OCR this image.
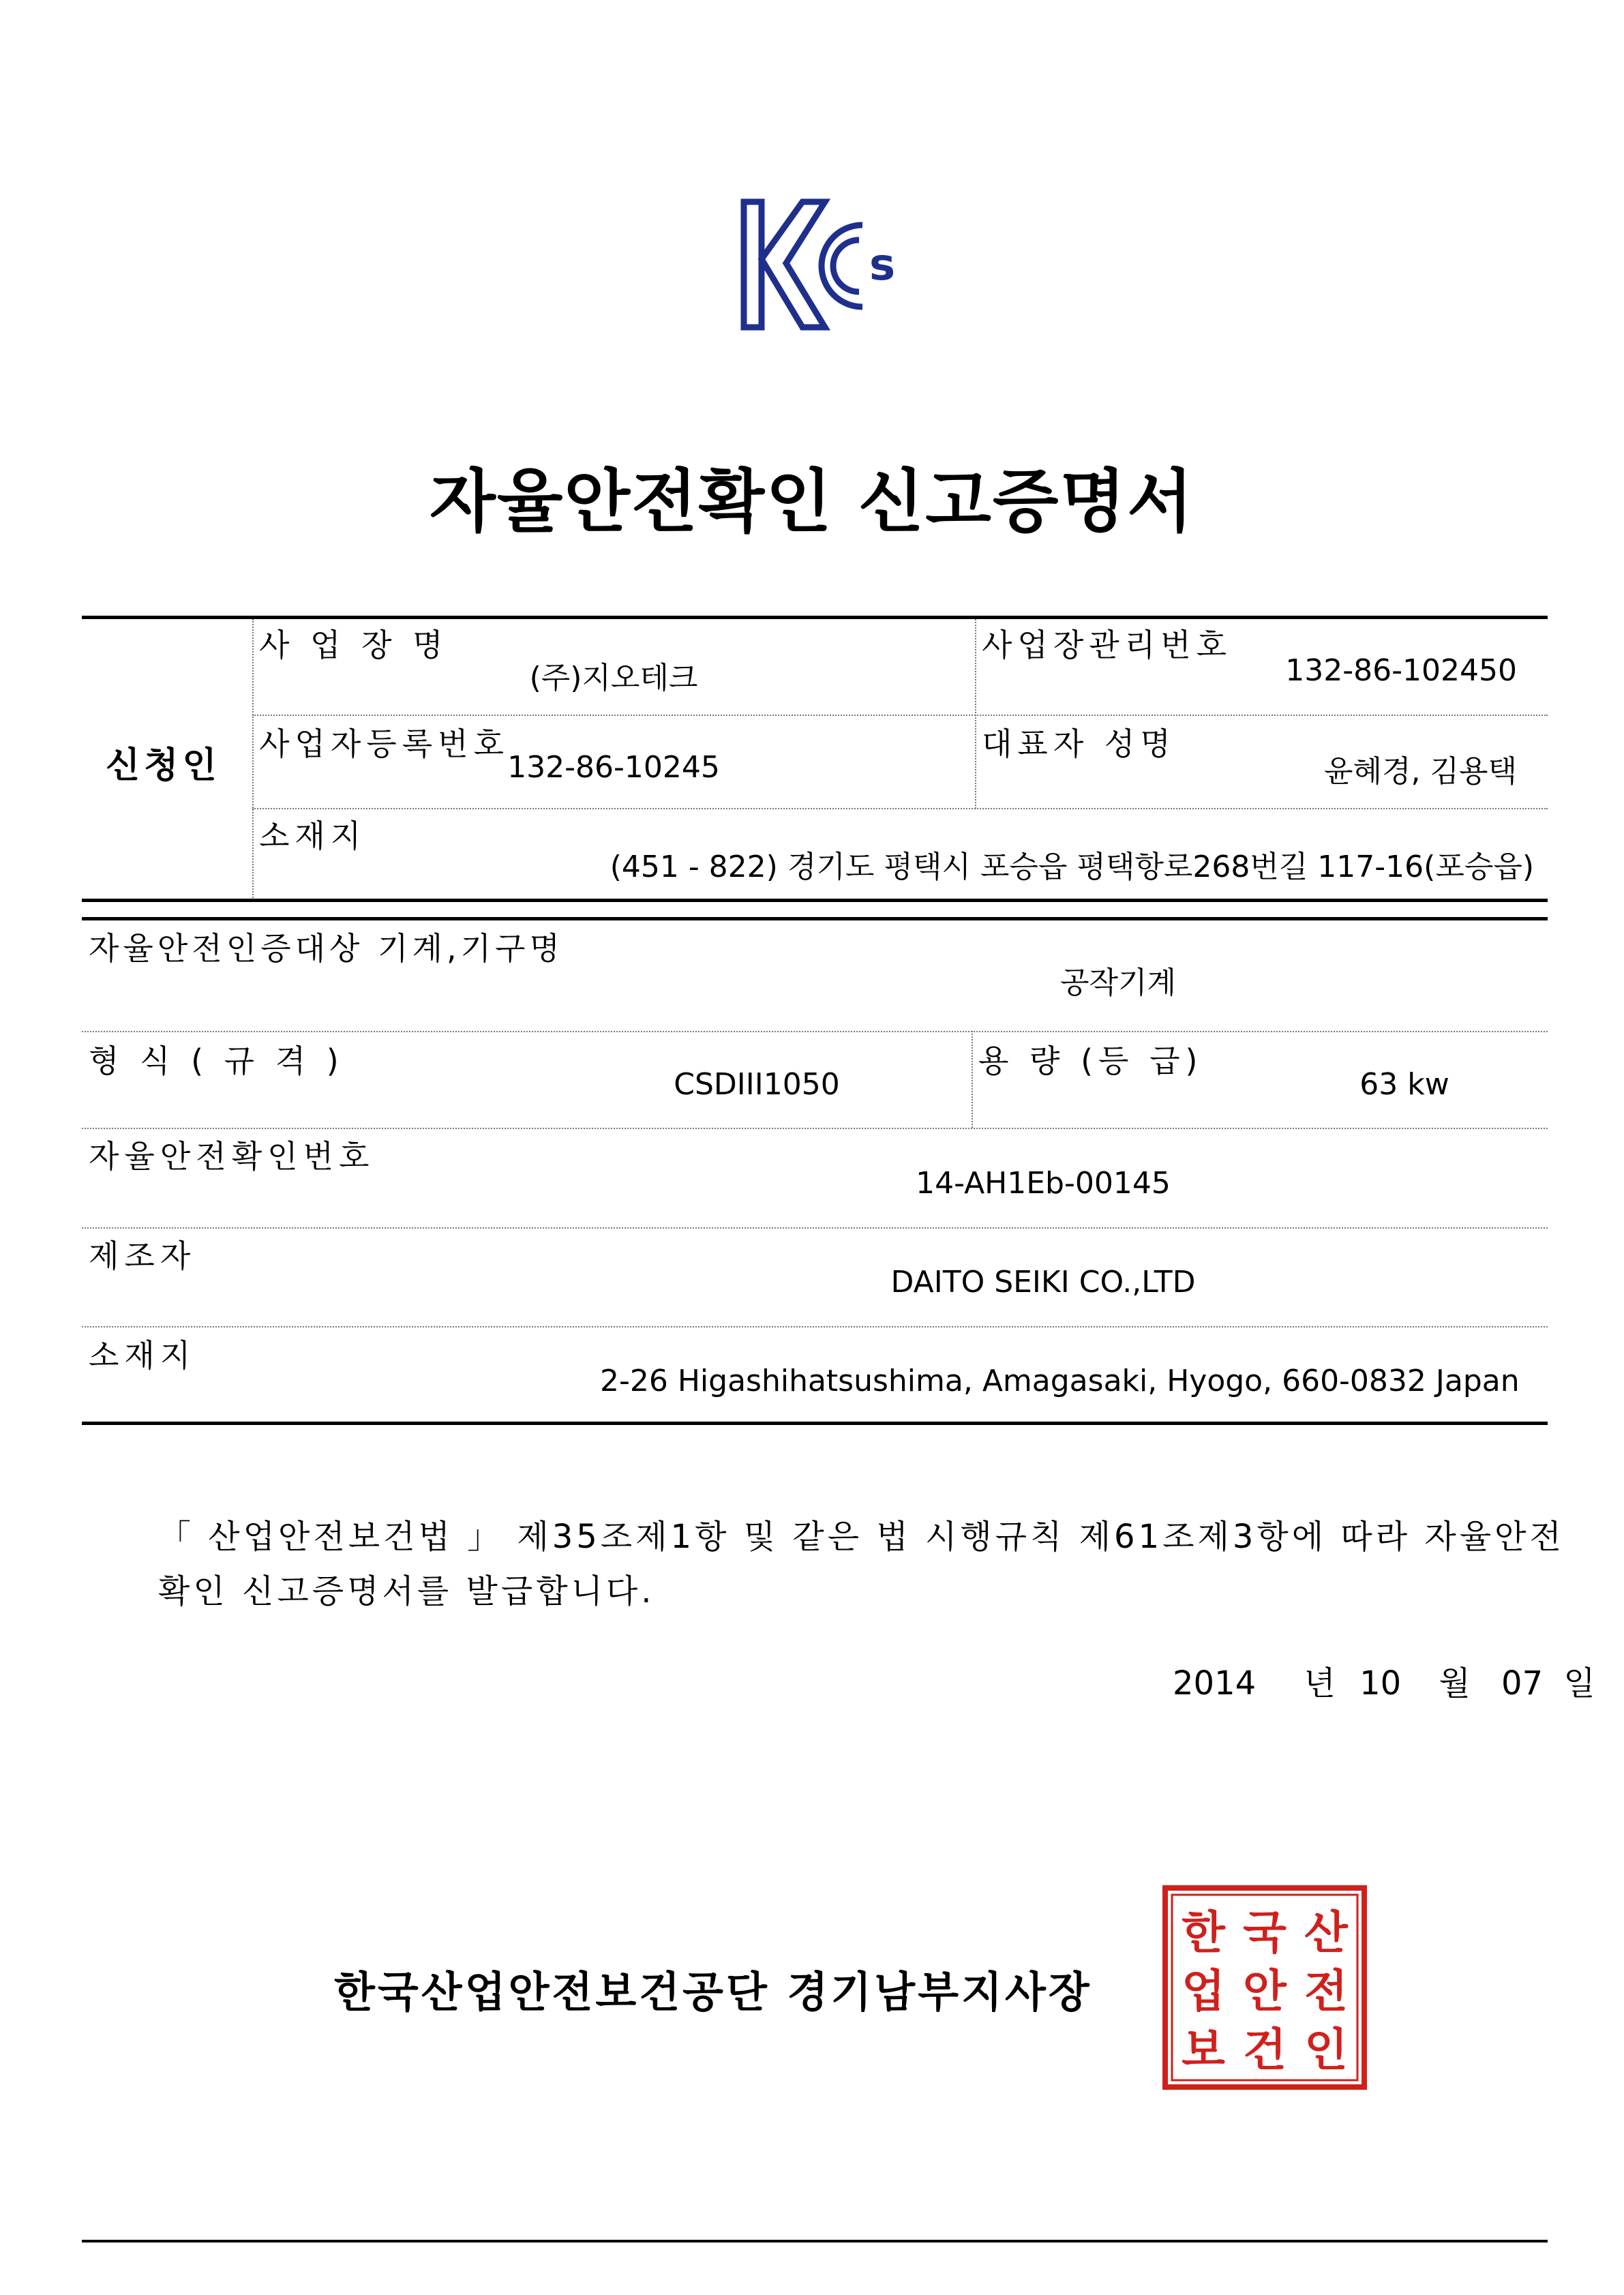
s
자율안전확인 신고증명서
신청인
사 업 장 명
(주)지오테크
사업장관리번호
132-86-102450
사업자등록번호
132-86-10245
대표자 성명
윤혜경, 김용택
소재지
(451 - 822) 경기도 평택시 포승읍 평택항로268번길 117-16(포승읍)
자율안전인증대상 기계,기구명
공작기계
형 식 ( 규 격 )
CSDIII1050
용 량 (등 급)
63 kw
자율안전확인번호
14-AH1Eb-00145
제조자
DAITO SEIKI CO.,LTD
소재지
2-26 Higashihatsushima, Amagasaki, Hyogo, 660-0832 Japan
「 산업안전보건법 」 제35조제1항 및 같은 법 시행규칙 제61조제3항에 따라 자율안전
확인 신고증명서를 발급합니다.
2014 년 10 월 07 일
한국산업안전보건공단 경기남부지사장
한 국 산
업 안 전
보 건 인
